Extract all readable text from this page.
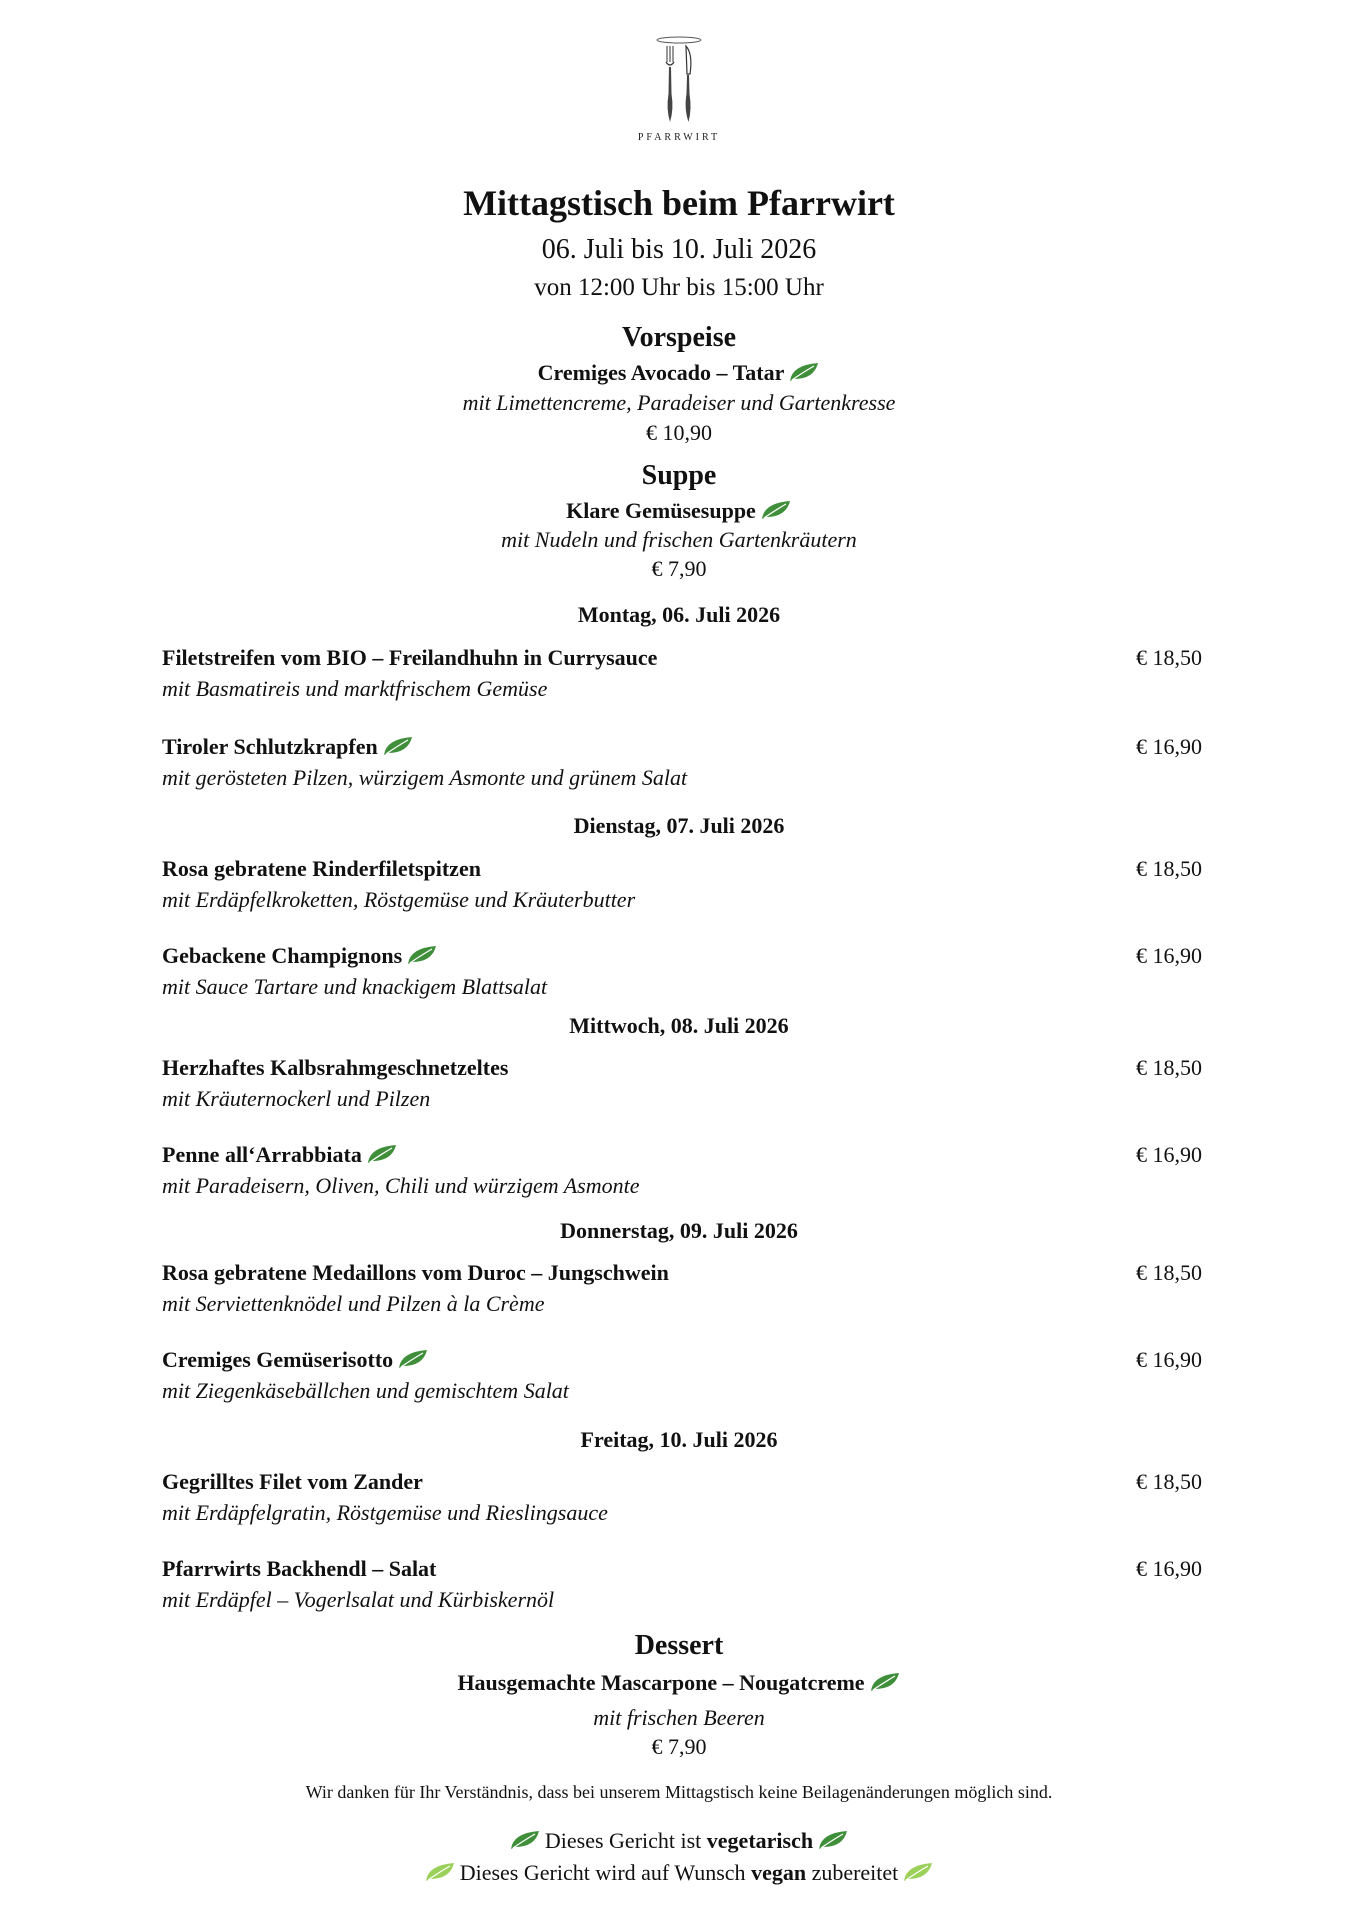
PFARRWIRT
Mittagstisch beim Pfarrwirt
06. Juli bis 10. Juli 2026
von 12:00 Uhr bis 15:00 Uhr
Vorspeise
Cremiges Avocado – Tatar
mit Limettencreme, Paradeiser und Gartenkresse
€ 10,90
Suppe
Klare Gemüsesuppe
mit Nudeln und frischen Gartenkräutern
€ 7,90
Montag, 06. Juli 2026
Filetstreifen vom BIO – Freilandhuhn in Currysauce
mit Basmatireis und marktfrischem Gemüse
€ 18,50
Tiroler Schlutzkrapfen
mit gerösteten Pilzen, würzigem Asmonte und grünem Salat
€ 16,90
Dienstag, 07. Juli 2026
Rosa gebratene Rinderfiletspitzen
mit Erdäpfelkroketten, Röstgemüse und Kräuterbutter
€ 18,50
Gebackene Champignons
mit Sauce Tartare und knackigem Blattsalat
€ 16,90
Mittwoch, 08. Juli 2026
Herzhaftes Kalbsrahmgeschnetzeltes
mit Kräuternockerl und Pilzen
€ 18,50
Penne all‘Arrabbiata
mit Paradeisern, Oliven, Chili und würzigem Asmonte
€ 16,90
Donnerstag, 09. Juli 2026
Rosa gebratene Medaillons vom Duroc – Jungschwein
mit Serviettenknödel und Pilzen à la Crème
€ 18,50
Cremiges Gemüserisotto
mit Ziegenkäsebällchen und gemischtem Salat
€ 16,90
Freitag, 10. Juli 2026
Gegrilltes Filet vom Zander
mit Erdäpfelgratin, Röstgemüse und Rieslingsauce
€ 18,50
Pfarrwirts Backhendl – Salat
mit Erdäpfel – Vogerlsalat und Kürbiskernöl
€ 16,90
Dessert
Hausgemachte Mascarpone – Nougatcreme
mit frischen Beeren
€ 7,90
Wir danken für Ihr Verständnis, dass bei unserem Mittagstisch keine Beilagenänderungen möglich sind.
Dieses Gericht ist vegetarisch
Dieses Gericht wird auf Wunsch vegan zubereitet
